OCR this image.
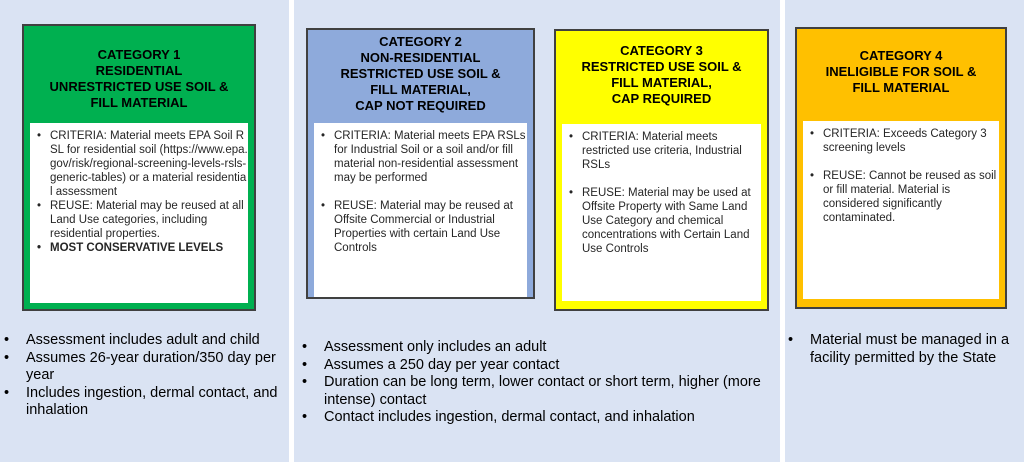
CATEGORY 1
RESIDENTIAL
UNRESTRICTED USE SOIL &
FILL MATERIAL
• CRITERIA: Material meets EPA Soil RSL for residential soil (https://www.epa.gov/risk/regional-screening-levels-rsls-generic-tables) or a material residential assessment
• REUSE: Material may be reused at all Land Use categories, including residential properties.
• MOST CONSERVATIVE LEVELS
CATEGORY 2
NON-RESIDENTIAL
RESTRICTED USE SOIL &
FILL MATERIAL,
CAP NOT REQUIRED
• CRITERIA: Material meets EPA RSLs for Industrial Soil or a soil and/or fill material non-residential assessment may be performed
• REUSE: Material may be reused at Offsite Commercial or Industrial Properties with certain Land Use Controls
CATEGORY 3
RESTRICTED USE SOIL &
FILL MATERIAL,
CAP REQUIRED
• CRITERIA: Material meets restricted use criteria, Industrial RSLs
• REUSE: Material may be used at Offsite Property with Same Land Use Category and chemical concentrations with Certain Land Use Controls
CATEGORY 4
INELIGIBLE FOR SOIL &
FILL MATERIAL
• CRITERIA: Exceeds Category 3 screening levels
• REUSE: Cannot be reused as soil or fill material. Material is considered significantly contaminated.
• Assessment includes adult and child
• Assumes 26-year duration/350 day per year
• Includes ingestion, dermal contact, and inhalation
• Assessment only includes an adult
• Assumes a 250 day per year contact
• Duration can be long term, lower contact or short term, higher (more intense) contact
• Contact includes ingestion, dermal contact, and inhalation
• Material must be managed in a facility permitted by the State
